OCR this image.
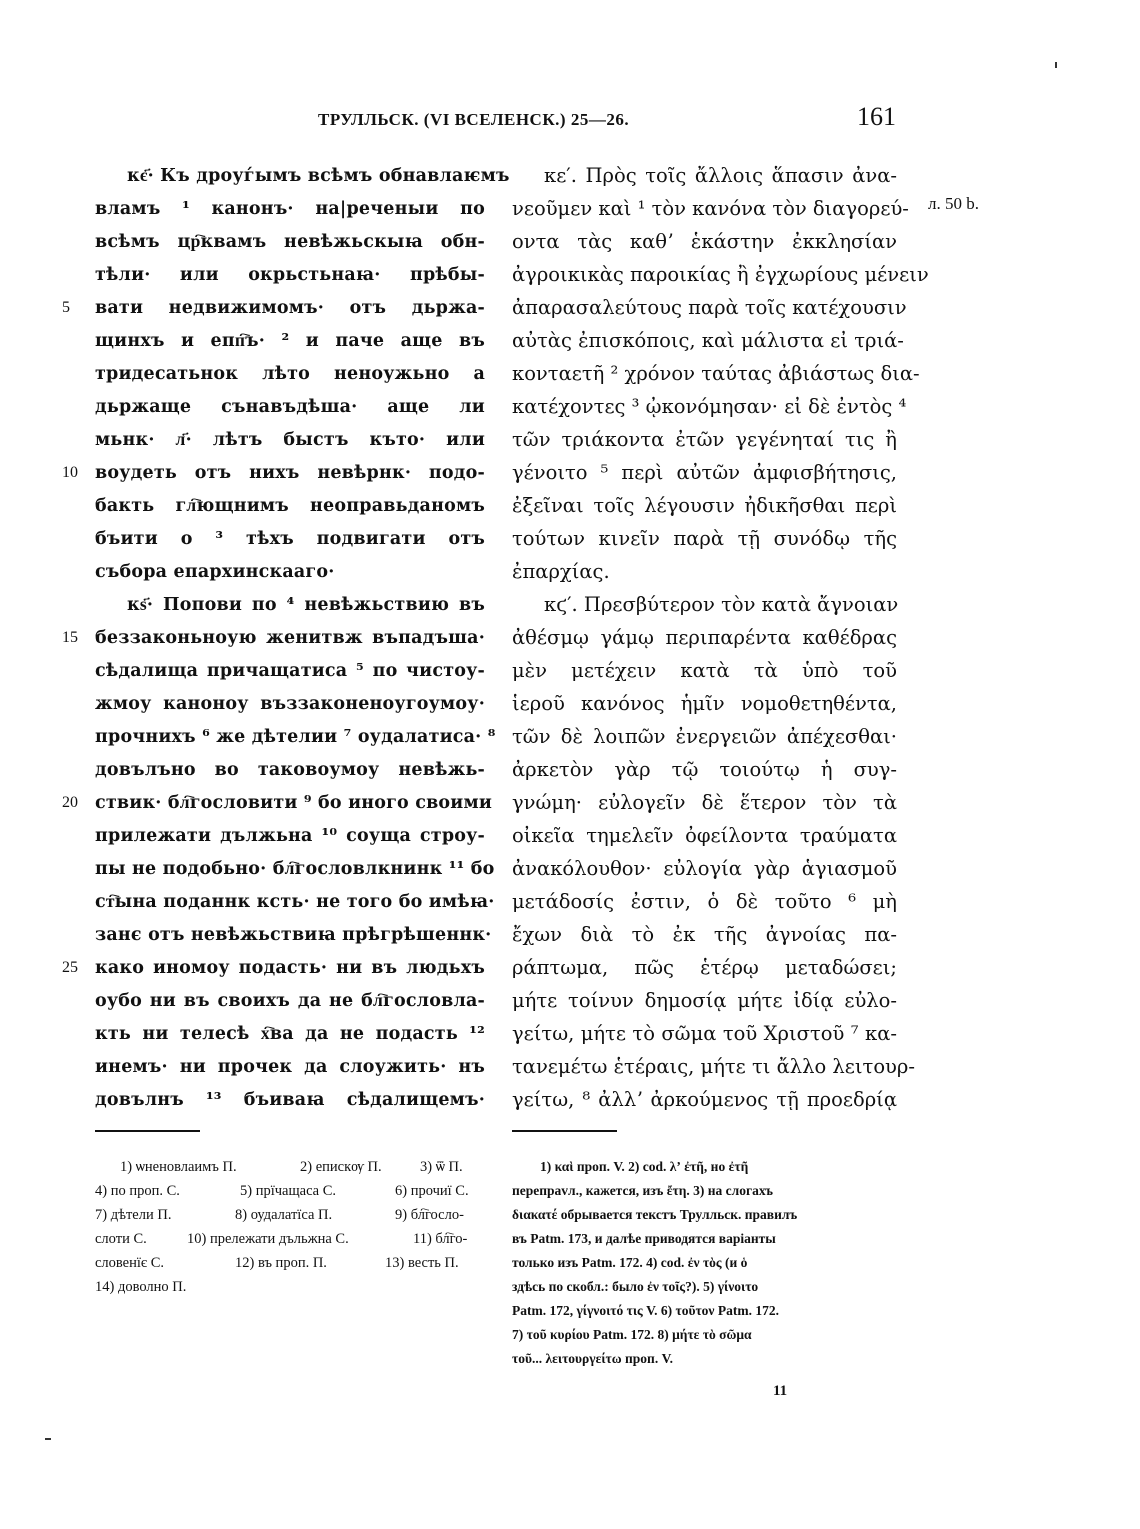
ТРУЛЛЬСК. (VI ВСЕЛЕНСК.) 25—26.	161
кє҃· Къ дроуѓымъ всѣмъ обнавлаѥмъ
вламъ ¹ канонъ· на|реченыи по
всѣмъ цр҇квамъ невѣжьскыꙗ обн-
тѣли· или окрьстьнаꙗ· прѣбы-
вати недвижимомъ· отъ дьржа-
щинхъ и епп҇ъ· ² и паче аще въ
тридесатьнок лѣто неноужьно а
дьржаще сънавъдѣша· аще ли
мьнк· л҃· лѣтъ быстъ къто· или
воудеть отъ нихъ невѣрнк· подо-
бакть гл҇ющнимъ неоправьданомъ
бъити о ³ тѣхъ подвигати отъ
събора епархинскааго·
кѕ҃· Попови по ⁴ невѣжьствию въ
беззаконьноую женитвж въпадъша·
сѣдалища причащатиса ⁵ по чистоу-
жмоу каноноу въззаконеноугоумоу·
прочнихъ ⁶ же дѣтелии ⁷ оудалатиса· ⁸
довълъно во таковоумоу невѣжь-
ствик· бл҇гословити ⁹ бо иного своими
прилежати дължьна ¹⁰ соуща строу-
пы не подобьно· бл҇гословлкнинк ¹¹ бо
ст҇ына поданнк ксть· не того бо имѣꙗ·
занє отъ невѣжьствиꙗ прѣгрѣшеннк·
како иномоу подасть· ни въ людьхъ
оубо ни въ своихъ да не бл҇гословла-
кть ни телесѣ х҇ва да не подасть ¹²
инемъ· ни прочек да слоужить· нъ
довълнъ ¹³ бъиваꙗ сѣдалищемъ·
5
10
15
20
25
κε′. Πρὸς τοῖς ἄλλοις ἅπασιν ἀνα-
νεοῦμεν καὶ ¹ τὸν κανόνα τὸν διαγορεύ-
οντα τὰς καθʼ ἑκάστην ἐκκλησίαν
ἀγροικικὰς παροικίας ἢ ἐγχωρίους μένειν
ἀπαρασαλεύτους παρὰ τοῖς κατέχουσιν
αὐτὰς ἐπισκόποις, καὶ μάλιστα εἰ τριά-
κονταετῆ ² χρόνον ταύτας ἀβιάστως δια-
κατέχοντες ³ ᾠκονόμησαν· εἰ δὲ ἐντὸς ⁴
τῶν τριάκοντα ἐτῶν γεγένηταί τις ἢ
γένοιτο ⁵ περὶ αὐτῶν ἀμφισβήτησις,
ἐξεῖναι τοῖς λέγουσιν ἠδικῆσθαι περὶ
τούτων κινεῖν παρὰ τῇ συνόδῳ τῆς
ἐπαρχίας.
κϛ′. Πρεσβύτερον τὸν κατὰ ἄγνοιαν
ἀθέσμῳ γάμῳ περιπαρέντα καθέδρας
μὲν μετέχειν κατὰ τὰ ὑπὸ τοῦ
ἱεροῦ κανόνος ἡμῖν νομοθετηθέντα,
τῶν δὲ λοιπῶν ἐνεργειῶν ἀπέχεσθαι·
ἀρκετὸν γὰρ τῷ τοιούτῳ ἡ συγ-
γνώμη· εὐλογεῖν δὲ ἕτερον τὸν τὰ
οἰκεῖα τημελεῖν ὀφείλοντα τραύματα
ἀνακόλουθον· εὐλογία γὰρ ἁγιασμοῦ
μετάδοσίς ἐστιν, ὁ δὲ τοῦτο ⁶ μὴ
ἔχων διὰ τὸ ἐκ τῆς ἀγνοίας πα-
ράπτωμα, πῶς ἑτέρῳ μεταδώσει;
μήτε τοίνυν δημοσίᾳ μήτε ἰδίᾳ εὐλο-
γείτω, μήτε τὸ σῶμα τοῦ Χριστοῦ ⁷ κα-
τανεμέτω ἑτέραις, μήτε τι ἄλλο λειτουρ-
γείτω, ⁸ ἀλλʼ ἀρκούμενος τῇ προεδρίᾳ
л. 50 b.
1) ѡненовлаимъ П.	2) епискѹ П.	3) ѿ П.
4) по проп. С.	5) прїчащаса С.	6) прочиї С.
7) дѣтели П.	8) оудалатїса П.	9) бл҇госло-
слоти С.	10) прележати дъльжна С.	11) бл҇го-
словенїє С.	12) въ проп. П.	13) весть П.
14) доволно П.
1) καὶ проп. V. 2) cod. λʼ ἐτῆ, но ἐτῆ
перепрavл., кажется, изъ ἔτη. 3) на слогахъ
διακατέ обрывается текстъ Трулльск. правилъ
въ Patm. 173, и далѣе приводятся варіанты
только изъ Patm. 172. 4) cod. ἐν τὸς (и ὁ
здѣсь по скобл.: было ἐν τοῖς?). 5) γίνοιτο
Patm. 172, γίγνοιτό τις V. 6) τοῦτον Patm. 172.
7) τοῦ κυρίου Patm. 172. 8) μήτε τὸ σῶμα
τοῦ... λειτουργείτω проп. V.
11
